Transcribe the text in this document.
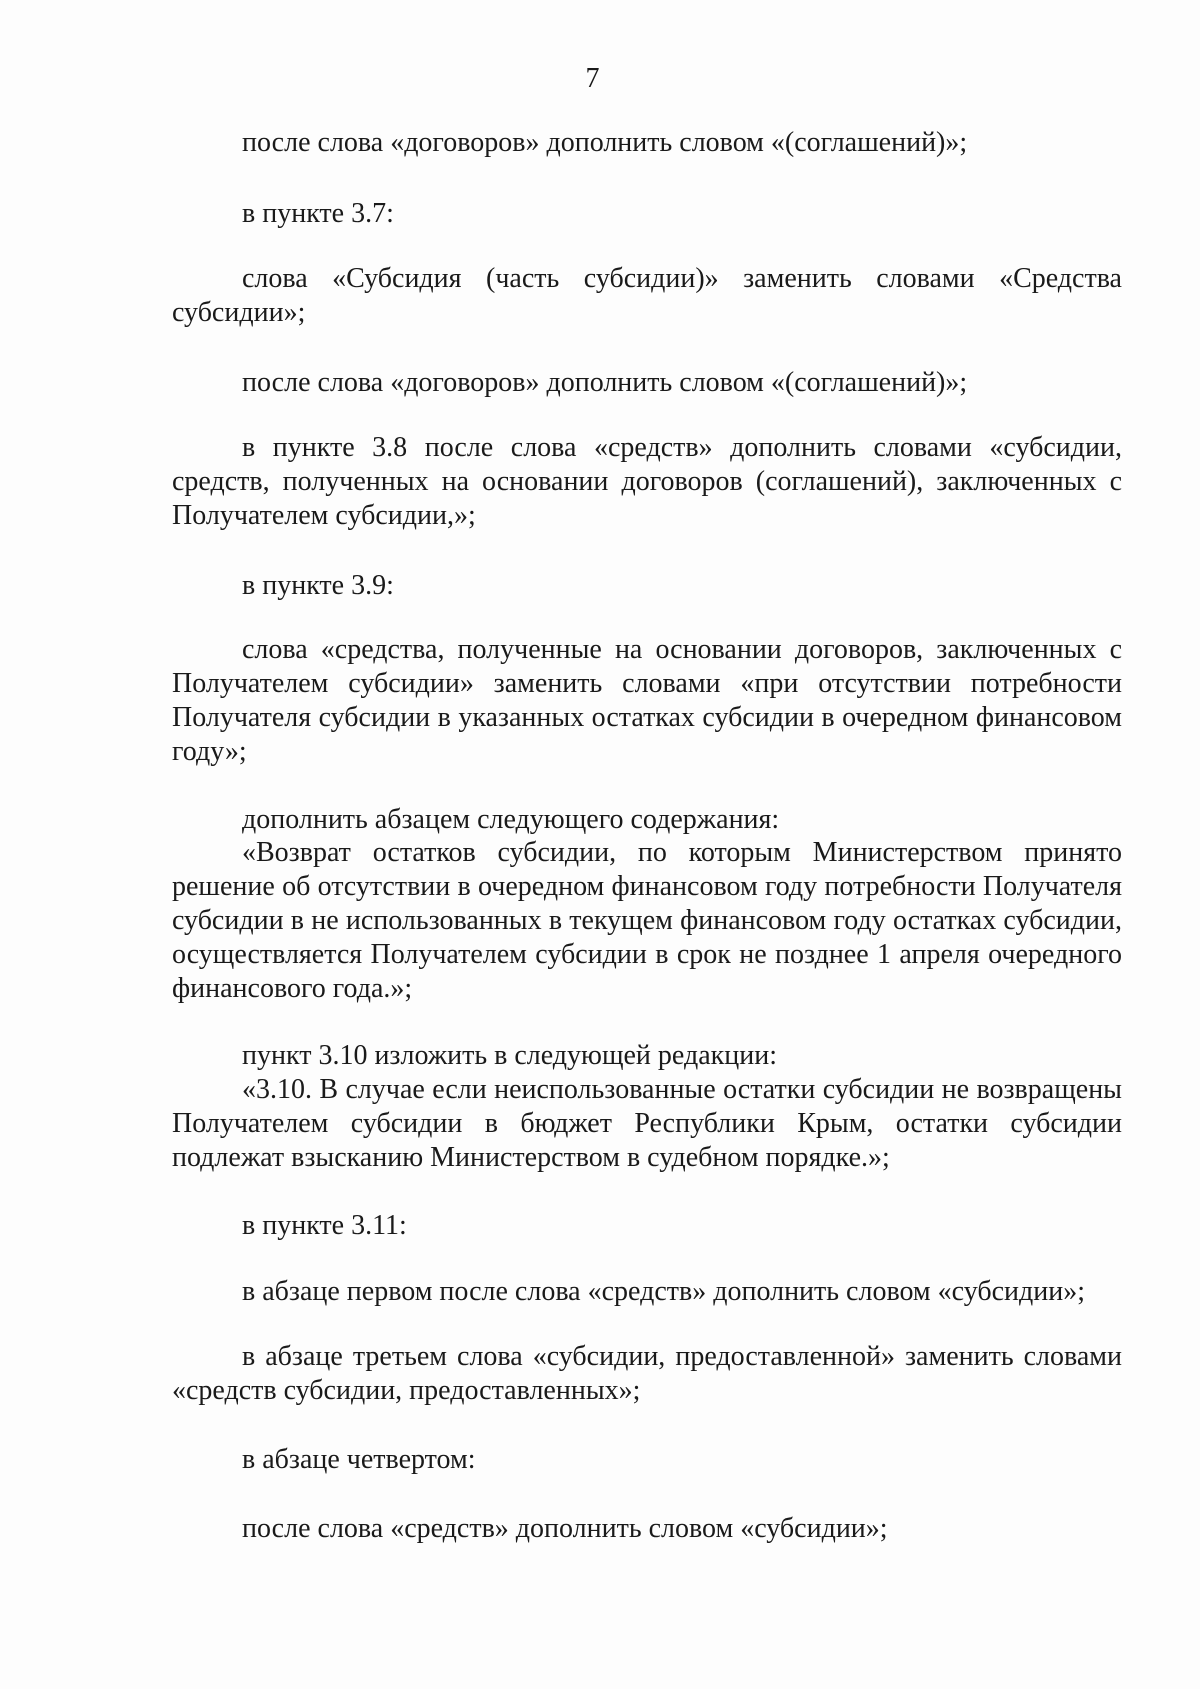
7

после слова «договоров» дополнить словом «(соглашений)»;

в пункте 3.7:

слова «Субсидия (часть субсидии)» заменить словами «Средства субсидии»;

после слова «договоров» дополнить словом «(соглашений)»;

в пункте 3.8 после слова «средств» дополнить словами «субсидии, средств, полученных на основании договоров (соглашений), заключенных с Получателем субсидии,»;

в пункте 3.9:

слова «средства, полученные на основании договоров, заключенных с Получателем субсидии» заменить словами «при отсутствии потребности Получателя субсидии в указанных остатках субсидии в очередном финансовом году»;

дополнить абзацем следующего содержания:

«Возврат остатков субсидии, по которым Министерством принято решение об отсутствии в очередном финансовом году потребности Получателя субсидии в не использованных в текущем финансовом году остатках субсидии, осуществляется Получателем субсидии в срок не позднее 1 апреля очередного финансового года.»;

пункт 3.10 изложить в следующей редакции:

«3.10. В случае если неиспользованные остатки субсидии не возвращены Получателем субсидии в бюджет Республики Крым, остатки субсидии подлежат взысканию Министерством в судебном порядке.»;

в пункте 3.11:

в абзаце первом после слова «средств» дополнить словом «субсидии»;

в абзаце третьем слова «субсидии, предоставленной» заменить словами «средств субсидии, предоставленных»;

в абзаце четвертом:

после слова «средств» дополнить словом «субсидии»;
